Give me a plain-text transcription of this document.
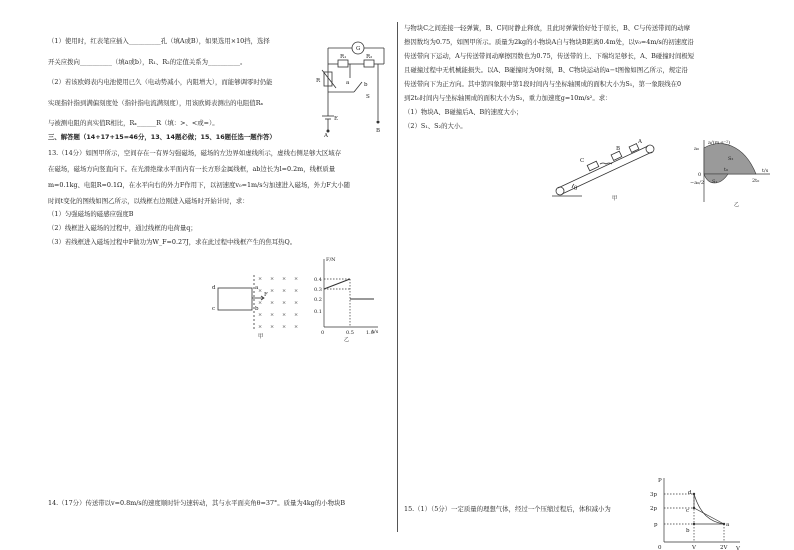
（1）使用时，红表笔应插入__________孔（填A或B），如果选用×10挡，选择
开关应拨向__________（填a或b），R₁、R₂的定值关系为__________。
（2）若该欧姆表内电池使用已久（电动势减小，内阻增大），而能够调零时仍能
实现指针指到满偏刻度处（指针指电流满刻度），用该欧姆表测出的电阻值Rₓ
与被测电阻的真实值R相比，Rₓ______R（填：>、<或=）。
三、解答题（14+17+15=46分，13、14题必做；15、16题任选一题作答）
13.（14分）如图甲所示，空间存在一有界匀强磁场，磁场的左边界如虚线所示，虚线右侧足够大区域存
在磁场，磁场方向竖直向下。在光滑绝缘水平面内有一长方形金属线框，ab边长为l=0.2m，线框质量
m=0.1kg、电阻R=0.1Ω，在水平向右的外力F作用下，以初速度v₀=1m/s匀加速进入磁场，外力F大小随
时间t变化的图线如图乙所示，以线框右边刚进入磁场时开始计时，求：
（1）匀强磁场的磁感应强度B
（2）线框进入磁场的过程中，通过线框的电荷量q；
（3）若线框进入磁场过程中F做功为W_F=0.27J，求在此过程中线框产生的焦耳热Q。
14.（17分）传送带以v=0.8m/s的速度顺时针匀速转动，其与水平面夹角θ=37°。质量为4kg的小物块B
G
R₁	R₂
R	a	b
S
E
A
B
× × × ×
× × × ×
× × × ×
× × × ×
× × × ×
d
c
a
b
F
甲
F/N
t/s
0.4
0.3
0.2
0.1
0	0.5 1.0
乙
与物块C之间连接一轻弹簧，B、C同时静止释放，且此时弹簧恰好处于原长，B、C与传送带间的动摩
擦因数均为0.75，如图甲所示。质量为2kg的小物块A自与物块B距离0.4m处，以v₀=4m/s的初速度沿
传送带向下运动，A与传送带间动摩擦因数也为0.75，传送带的上、下端均足够长，A、B碰撞时间极短
且碰撞过程中无机械能损失。以A、B碰撞时为0时刻，B、C物块运动的a−t图像如图乙所示，规定沿
传送带向下为正方向。其中第四象限中第1段时间内与坐标轴围成的面积大小为S₁，第一象限线在0
到2t₀时间内与坐标轴围成的面积大小为S₂，重力加速度g=10m/s²。求：
（1）物块A、B碰撞后A、B的速度大小；
（2）S₁、S₂的大小。
15.（1）（5分）一定质量的理想气体，经过一个压缩过程后，体积减小为
C
B
A
θ
甲
a/(m·s⁻²)
a₀
−a₀/2
0
S₂
S₁
t₀
2t₀
t/s
乙
P
V
3p
2p
p
0	V	2V
a
b
c
d
